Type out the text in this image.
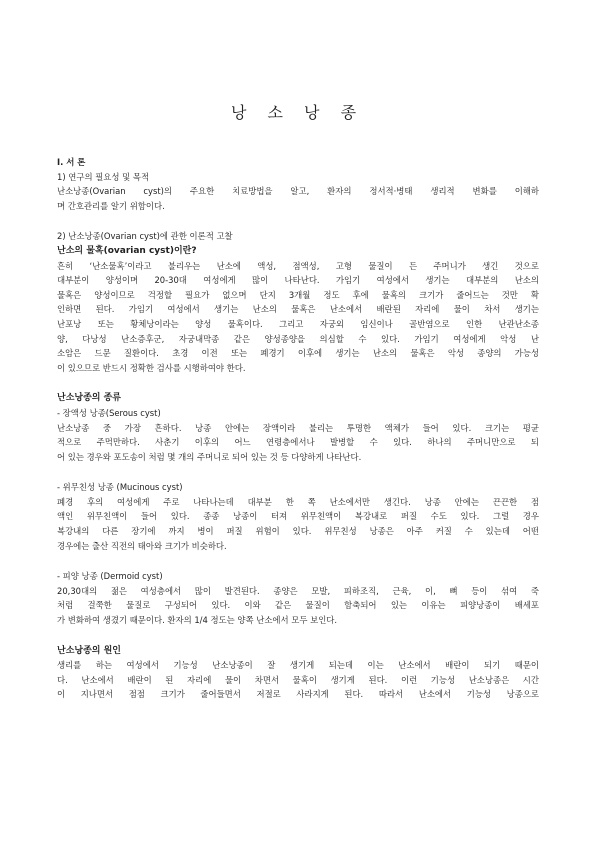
낭 소 낭 종
Ⅰ. 서 론
1) 연구의 필요성 및 목적
난소낭종(Ovarian cyst)의 주요한 치료방법을 알고, 환자의 정서적·병태 생리적 변화를 이해하
며 간호관리를 알기 위함이다.
2) 난소낭종(Ovarian cyst)에 관한 이론적 고찰
난소의 물혹(ovarian cyst)이란?
흔히 ‘난소물혹’이라고 불리우는 난소에 액성, 점액성, 고형 물질이 든 주머니가 생긴 것으로
대부분이 양성이며 20-30대 여성에게 많이 나타난다. 가임기 여성에서 생기는 대부분의 난소의
물혹은 양성이므로 걱정할 필요가 없으며 단지 3개월 정도 후에 물혹의 크기가 줄어드는 것만 확
인하면 된다. 가임기 여성에서 생기는 난소의 물혹은 난소에서 배란된 자리에 물이 차서 생기는
난포낭 또는 황체낭이라는 양성 물혹이다. 그리고 자궁외 임신이나 골반염으로 인한 난관난소종
양, 다낭성 난소증후군, 자궁내막종 같은 양성종양을 의심할 수 있다. 가임기 여성에게 악성 난
소암은 드문 질환이다. 초경 이전 또는 폐경기 이후에 생기는 난소의 물혹은 악성 종양의 가능성
이 있으므로 반드시 정확한 검사를 시행하여야 한다.
난소낭종의 종류
- 장액성 낭종(Serous cyst)
난소낭종 중 가장 흔하다. 낭종 안에는 장액이라 불리는 투명한 액체가 들어 있다. 크기는 평균
적으로 주먹만하다. 사춘기 이후의 어느 연령층에서나 발병할 수 있다. 하나의 주머니만으로 되
어 있는 경우와 포도송이 처럼 몇 개의 주머니로 되어 있는 것 등 다양하게 나타난다.
- 위무친성 낭종 (Mucinous cyst)
폐경 후의 여성에게 주로 나타나는데 대부분 한 쪽 난소에서만 생긴다. 낭종 안에는 끈끈한 점
액인 위무친액이 들어 있다. 종종 낭종이 터져 위무친액이 복강내로 퍼질 수도 있다. 그럴 경우
복강내의 다른 장기에 까지 병이 퍼질 위험이 있다. 위무친성 낭종은 아주 커질 수 있는데 어떤
경우에는 출산 직전의 태아와 크기가 비슷하다.
- 피양 낭종 (Dermoid cyst)
20,30대의 젊은 여성층에서 많이 발견된다. 종양은 모발, 피하조직, 근육, 이, 뼈 등이 섞여 죽
처럼 걸쭉한 물질로 구성되어 있다. 이와 같은 물질이 함축되어 있는 이유는 피양낭종이 배세포
가 변화하여 생겼기 때문이다. 환자의 1/4 정도는 양쪽 난소에서 모두 보인다.
난소낭종의 원인
생리를 하는 여성에서 기능성 난소낭종이 잘 생기게 되는데 이는 난소에서 배란이 되기 때문이
다. 난소에서 배란이 된 자리에 물이 차면서 물혹이 생기게 된다. 이런 기능성 난소낭종은 시간
이 지나면서 점점 크기가 줄어들면서 저절로 사라지게 된다. 따라서 난소에서 기능성 낭종으로
